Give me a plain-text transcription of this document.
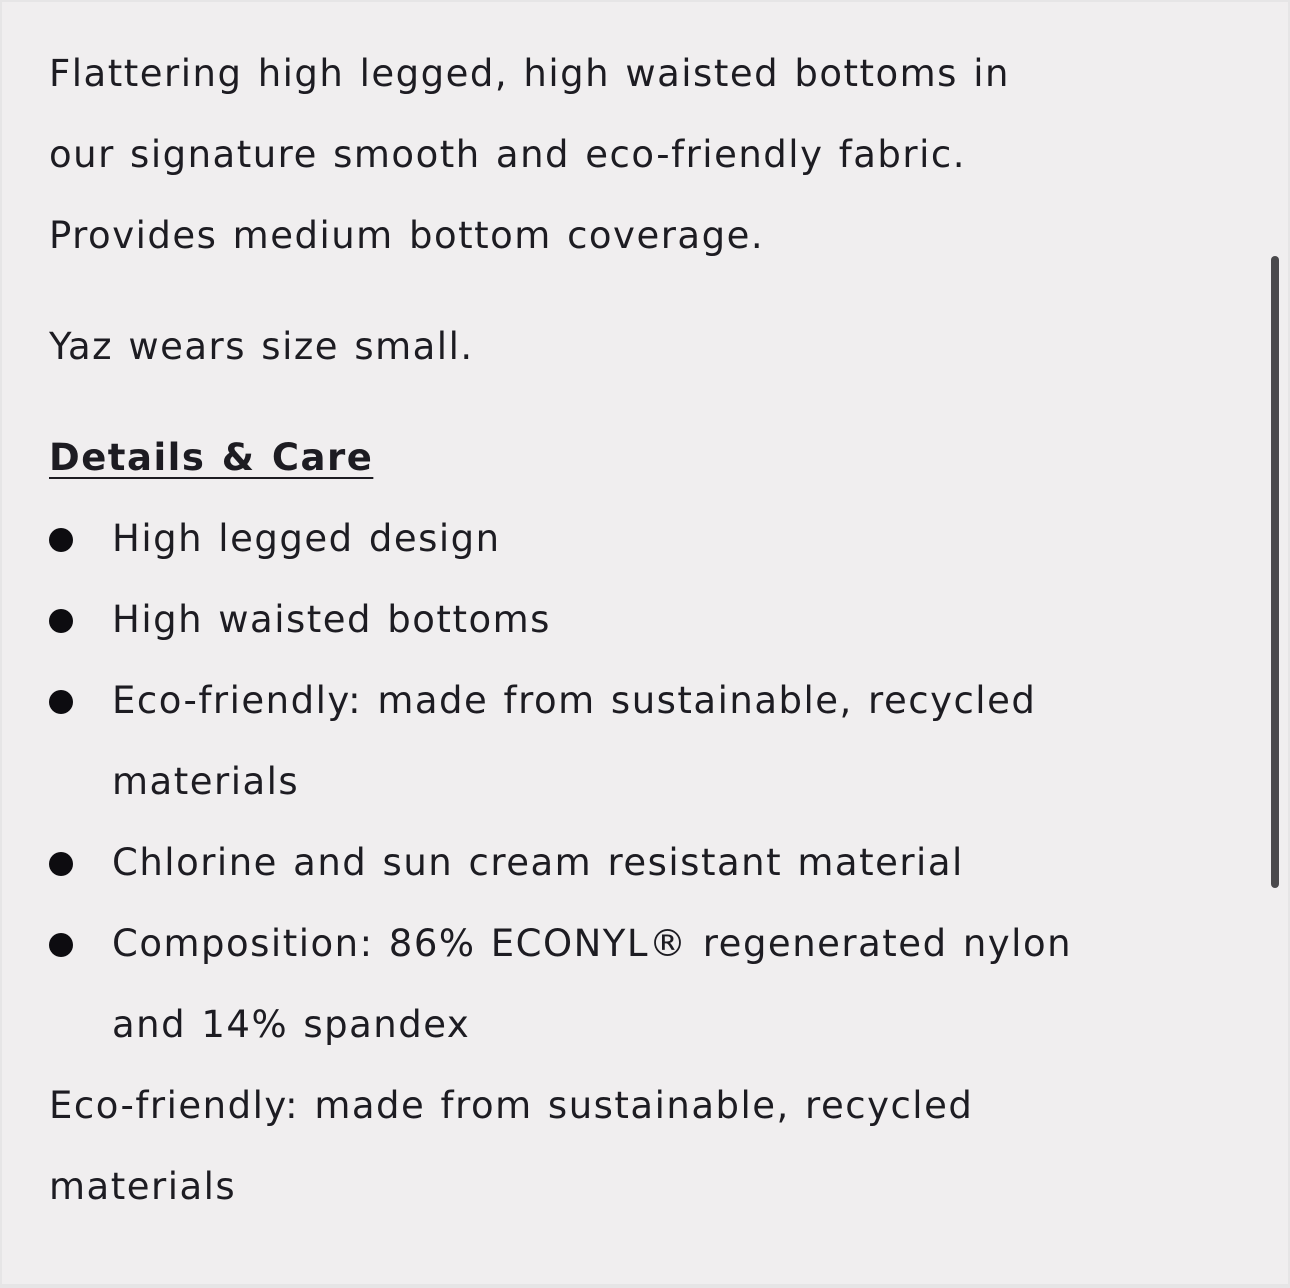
Flattering high legged, high waisted bottoms in
our signature smooth and eco-friendly fabric.
Provides medium bottom coverage.
Yaz wears size small.
Details & Care
High legged design
High waisted bottoms
Eco-friendly: made from sustainable, recycled
materials
Chlorine and sun cream resistant material
Composition: 86% ECONYL® regenerated nylon
and 14% spandex
Eco-friendly: made from sustainable, recycled
materials
